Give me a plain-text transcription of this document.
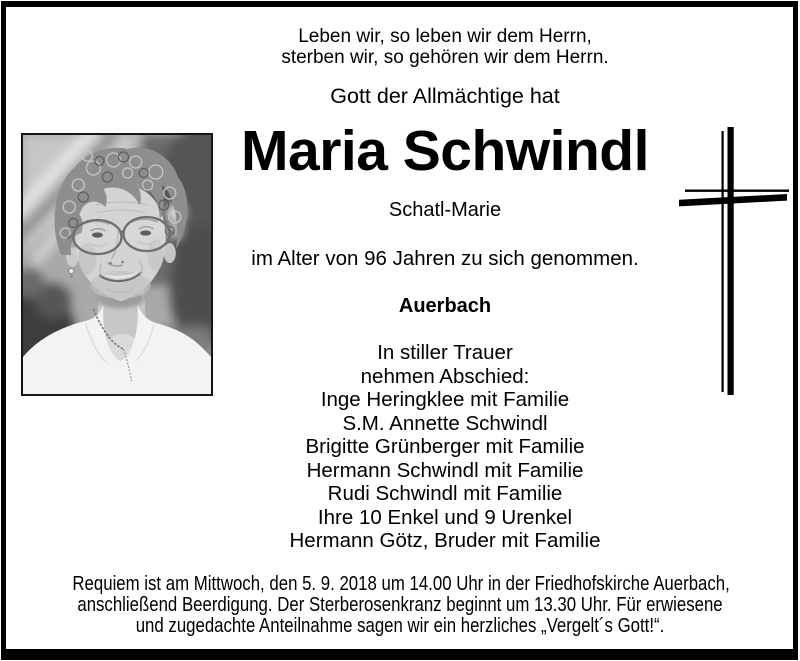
Leben wir, so leben wir dem Herrn,
sterben wir, so gehören wir dem Herrn.
Gott der Allmächtige hat
Maria Schwindl
Schatl-Marie
im Alter von 96 Jahren zu sich genommen.
Auerbach
In stiller Trauer
nehmen Abschied:
Inge Heringklee mit Familie
S.M. Annette Schwindl
Brigitte Grünberger mit Familie
Hermann Schwindl mit Familie
Rudi Schwindl mit Familie
Ihre 10 Enkel und 9 Urenkel
Hermann Götz, Bruder mit Familie
Requiem ist am Mittwoch, den 5. 9. 2018 um 14.00 Uhr in der Friedhofskirche Auerbach,
anschließend Beerdigung. Der Sterberosenkranz beginnt um 13.30 Uhr. Für erwiesene
und zugedachte Anteilnahme sagen wir ein herzliches „Vergelt´s Gott!“.
